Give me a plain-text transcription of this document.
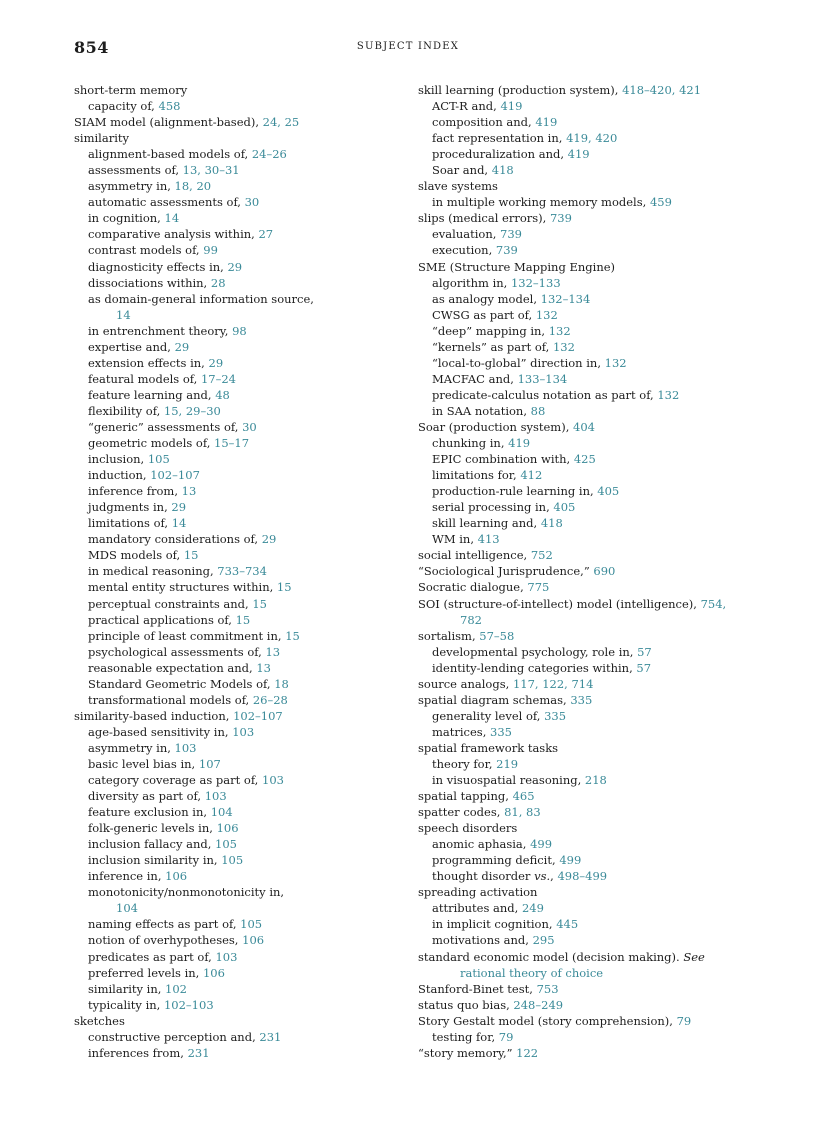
854	SUBJECT INDEX
short-term memory
capacity of, 458
SIAM model (alignment-based), 24, 25
similarity
alignment-based models of, 24–26
assessments of, 13, 30–31
asymmetry in, 18, 20
automatic assessments of, 30
in cognition, 14
comparative analysis within, 27
contrast models of, 99
diagnosticity effects in, 29
dissociations within, 28
as domain-general information source,
14
in entrenchment theory, 98
expertise and, 29
extension effects in, 29
featural models of, 17–24
feature learning and, 48
flexibility of, 15, 29–30
“generic” assessments of, 30
geometric models of, 15–17
inclusion, 105
induction, 102–107
inference from, 13
judgments in, 29
limitations of, 14
mandatory considerations of, 29
MDS models of, 15
in medical reasoning, 733–734
mental entity structures within, 15
perceptual constraints and, 15
practical applications of, 15
principle of least commitment in, 15
psychological assessments of, 13
reasonable expectation and, 13
Standard Geometric Models of, 18
transformational models of, 26–28
similarity-based induction, 102–107
age-based sensitivity in, 103
asymmetry in, 103
basic level bias in, 107
category coverage as part of, 103
diversity as part of, 103
feature exclusion in, 104
folk-generic levels in, 106
inclusion fallacy and, 105
inclusion similarity in, 105
inference in, 106
monotonicity/nonmonotonicity in,
104
naming effects as part of, 105
notion of overhypotheses, 106
predicates as part of, 103
preferred levels in, 106
similarity in, 102
typicality in, 102–103
sketches
constructive perception and, 231
inferences from, 231
skill learning (production system), 418–420, 421
ACT-R and, 419
composition and, 419
fact representation in, 419, 420
proceduralization and, 419
Soar and, 418
slave systems
in multiple working memory models, 459
slips (medical errors), 739
evaluation, 739
execution, 739
SME (Structure Mapping Engine)
algorithm in, 132–133
as analogy model, 132–134
CWSG as part of, 132
“deep” mapping in, 132
“kernels” as part of, 132
“local-to-global” direction in, 132
MACFAC and, 133–134
predicate-calculus notation as part of, 132
in SAA notation, 88
Soar (production system), 404
chunking in, 419
EPIC combination with, 425
limitations for, 412
production-rule learning in, 405
serial processing in, 405
skill learning and, 418
WM in, 413
social intelligence, 752
“Sociological Jurisprudence,” 690
Socratic dialogue, 775
SOI (structure-of-intellect) model (intelligence), 754,
782
sortalism, 57–58
developmental psychology, role in, 57
identity-lending categories within, 57
source analogs, 117, 122, 714
spatial diagram schemas, 335
generality level of, 335
matrices, 335
spatial framework tasks
theory for, 219
in visuospatial reasoning, 218
spatial tapping, 465
spatter codes, 81, 83
speech disorders
anomic aphasia, 499
programming deficit, 499
thought disorder vs., 498–499
spreading activation
attributes and, 249
in implicit cognition, 445
motivations and, 295
standard economic model (decision making). See
rational theory of choice
Stanford-Binet test, 753
status quo bias, 248–249
Story Gestalt model (story comprehension), 79
testing for, 79
“story memory,” 122
